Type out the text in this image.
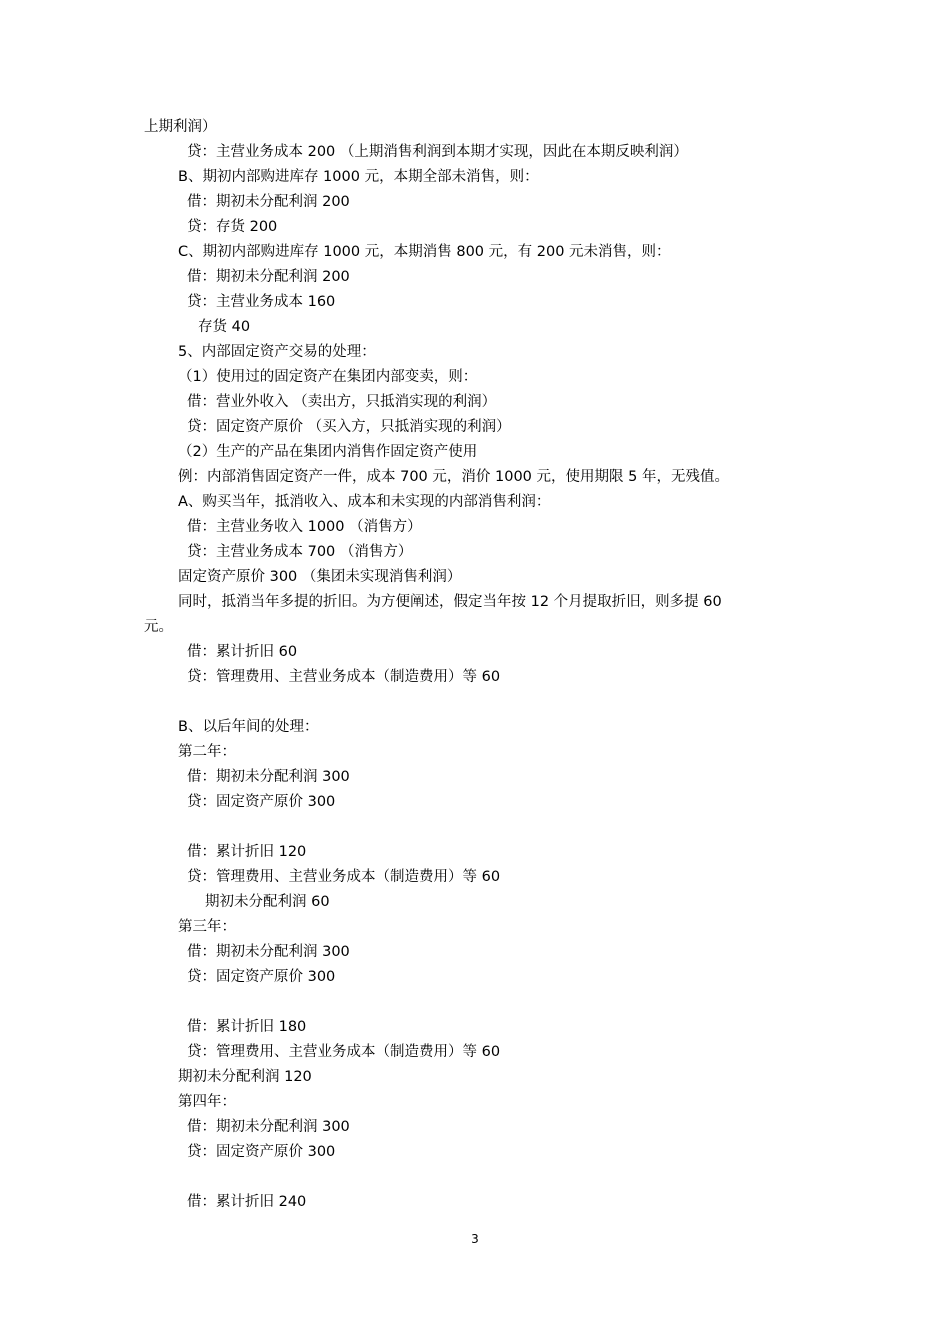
上期利润）
贷：主营业务成本 200 （上期消售利润到本期才实现，因此在本期反映利润）
B、期初内部购进库存 1000 元，本期全部未消售，则：
借：期初未分配利润 200
贷：存货 200
C、期初内部购进库存 1000 元，本期消售 800 元，有 200 元未消售，则：
借：期初未分配利润 200
贷：主营业务成本 160
存货 40
5、内部固定资产交易的处理：
（1）使用过的固定资产在集团内部变卖，则：
借：营业外收入 （卖出方，只抵消实现的利润）
贷：固定资产原价 （买入方，只抵消实现的利润）
（2）生产的产品在集团内消售作固定资产使用
例：内部消售固定资产一件，成本 700 元，消价 1000 元，使用期限 5 年，无残值。
A、购买当年，抵消收入、成本和未实现的内部消售利润：
借：主营业务收入 1000 （消售方）
贷：主营业务成本 700 （消售方）
固定资产原价 300 （集团未实现消售利润）
同时，抵消当年多提的折旧。为方便阐述，假定当年按 12 个月提取折旧，则多提 60
元。
借：累计折旧 60
贷：管理费用、主营业务成本（制造费用）等 60
B、以后年间的处理：
第二年：
借：期初未分配利润 300
贷：固定资产原价 300
借：累计折旧 120
贷：管理费用、主营业务成本（制造费用）等 60
期初未分配利润 60
第三年：
借：期初未分配利润 300
贷：固定资产原价 300
借：累计折旧 180
贷：管理费用、主营业务成本（制造费用）等 60
期初未分配利润 120
第四年：
借：期初未分配利润 300
贷：固定资产原价 300
借：累计折旧 240
3
